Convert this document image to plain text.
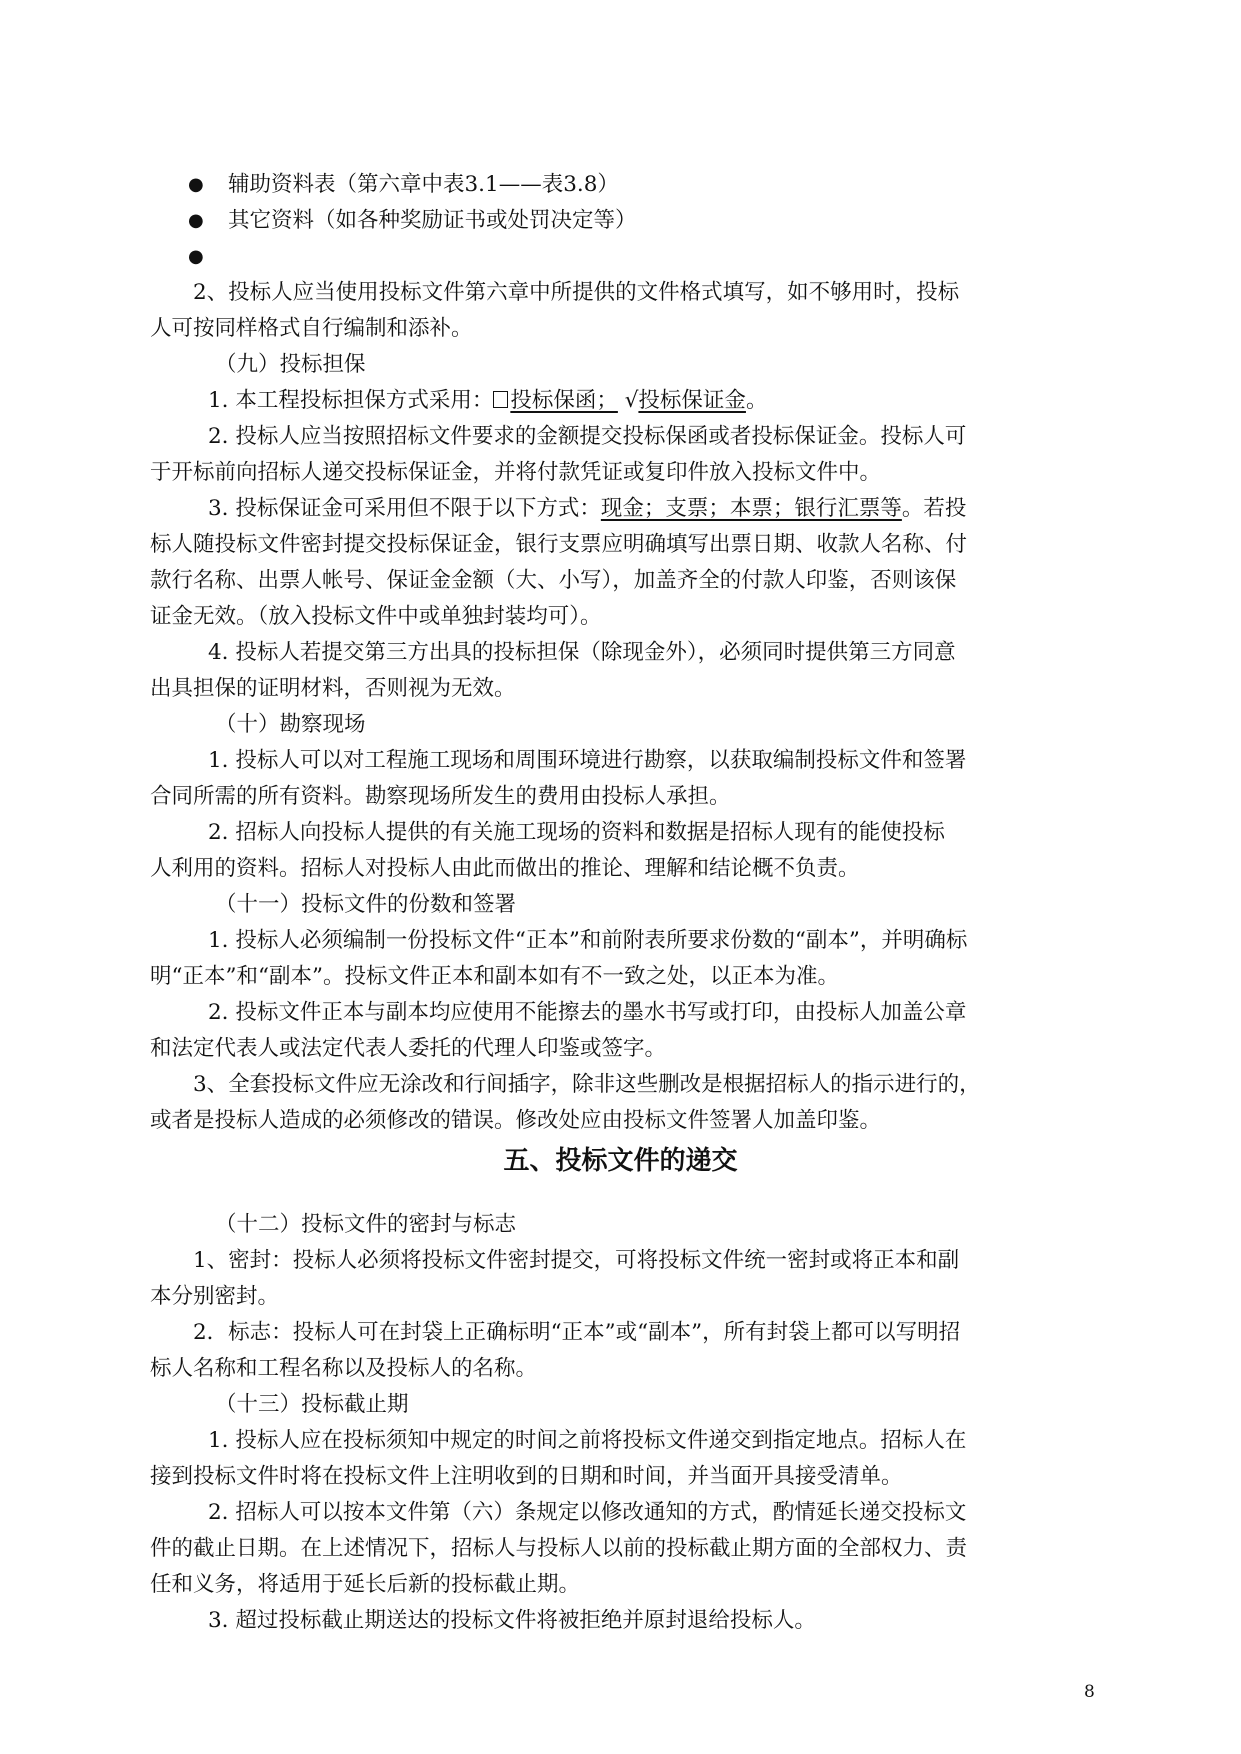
● 辅助资料表（第六章中表3.1——表3.8）
● 其它资料（如各种奖励证书或处罚决定等）
●
2、投标人应当使用投标文件第六章中所提供的文件格式填写，如不够用时，投标
人可按同样格式自行编制和添补。
（九）投标担保
1. 本工程投标担保方式采用： 投标保函； √投标保证金。
2. 投标人应当按照招标文件要求的金额提交投标保函或者投标保证金。投标人可
于开标前向招标人递交投标保证金，并将付款凭证或复印件放入投标文件中。
3. 投标保证金可采用但不限于以下方式：现金；支票；本票；银行汇票等。若投
标人随投标文件密封提交投标保证金，银行支票应明确填写出票日期、收款人名称、付
款行名称、出票人帐号、保证金金额（大、小写），加盖齐全的付款人印鉴，否则该保
证金无效。（放入投标文件中或单独封装均可）。
4. 投标人若提交第三方出具的投标担保（除现金外），必须同时提供第三方同意
出具担保的证明材料，否则视为无效。
（十）勘察现场
1. 投标人可以对工程施工现场和周围环境进行勘察，以获取编制投标文件和签署
合同所需的所有资料。勘察现场所发生的费用由投标人承担。
2. 招标人向投标人提供的有关施工现场的资料和数据是招标人现有的能使投标
人利用的资料。招标人对投标人由此而做出的推论、理解和结论概不负责。
（十一）投标文件的份数和签署
1. 投标人必须编制一份投标文件“正本”和前附表所要求份数的“副本”，并明确标
明“正本”和“副本”。投标文件正本和副本如有不一致之处，以正本为准。
2. 投标文件正本与副本均应使用不能擦去的墨水书写或打印，由投标人加盖公章
和法定代表人或法定代表人委托的代理人印鉴或签字。
3、全套投标文件应无涂改和行间插字，除非这些删改是根据招标人的指示进行的，
或者是投标人造成的必须修改的错误。修改处应由投标文件签署人加盖印鉴。
五、投标文件的递交
（十二）投标文件的密封与标志
1、密封：投标人必须将投标文件密封提交，可将投标文件统一密封或将正本和副
本分别密封。
2．标志：投标人可在封袋上正确标明“正本”或“副本”，所有封袋上都可以写明招
标人名称和工程名称以及投标人的名称。
（十三）投标截止期
1. 投标人应在投标须知中规定的时间之前将投标文件递交到指定地点。招标人在
接到投标文件时将在投标文件上注明收到的日期和时间，并当面开具接受清单。
2. 招标人可以按本文件第（六）条规定以修改通知的方式，酌情延长递交投标文
件的截止日期。在上述情况下，招标人与投标人以前的投标截止期方面的全部权力、责
任和义务，将适用于延长后新的投标截止期。
3. 超过投标截止期送达的投标文件将被拒绝并原封退给投标人。
8
